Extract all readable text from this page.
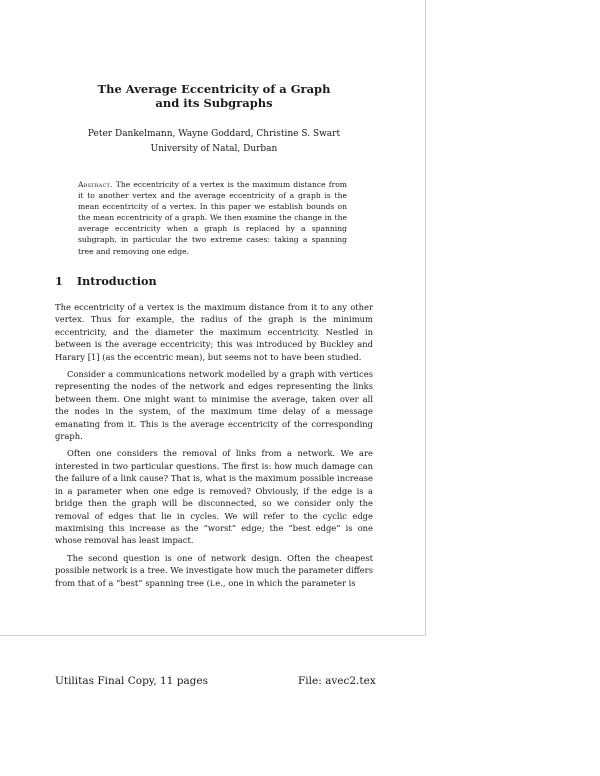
The Average Eccentricity of a Graph
and its Subgraphs
Peter Dankelmann, Wayne Goddard, Christine S. Swart
University of Natal, Durban
Abstract. The eccentricity of a vertex is the maximum distance from it to another vertex and the average eccentricity of a graph is the mean eccentricity of a vertex. In this paper we establish bounds on the mean eccentricity of a graph. We then examine the change in the average eccentricity when a graph is replaced by a spanning subgraph, in particular the two extreme cases: taking a spanning tree and removing one edge.
1 Introduction

The eccentricity of a vertex is the maximum distance from it to any other vertex. Thus for example, the radius of the graph is the minimum eccentricity, and the diameter the maximum eccentricity. Nestled in between is the average eccentricity; this was introduced by Buckley and Harary [1] (as the eccentric mean), but seems not to have been studied.

Consider a communications network modelled by a graph with vertices representing the nodes of the network and edges representing the links between them. One might want to minimise the average, taken over all the nodes in the system, of the maximum time delay of a message emanating from it. This is the average eccentricity of the corresponding graph.

Often one considers the removal of links from a network. We are interested in two particular questions. The first is: how much damage can the failure of a link cause? That is, what is the maximum possible increase in a parameter when one edge is removed? Obviously, if the edge is a bridge then the graph will be disconnected, so we consider only the removal of edges that lie in cycles. We will refer to the cyclic edge maximising this increase as the “worst” edge; the “best edge” is one whose removal has least impact.

The second question is one of network design. Often the cheapest possible network is a tree. We investigate how much the parameter differs from that of a “best” spanning tree (i.e., one in which the parameter is

Utilitas Final Copy, 11 pages	File: avec2.tex
